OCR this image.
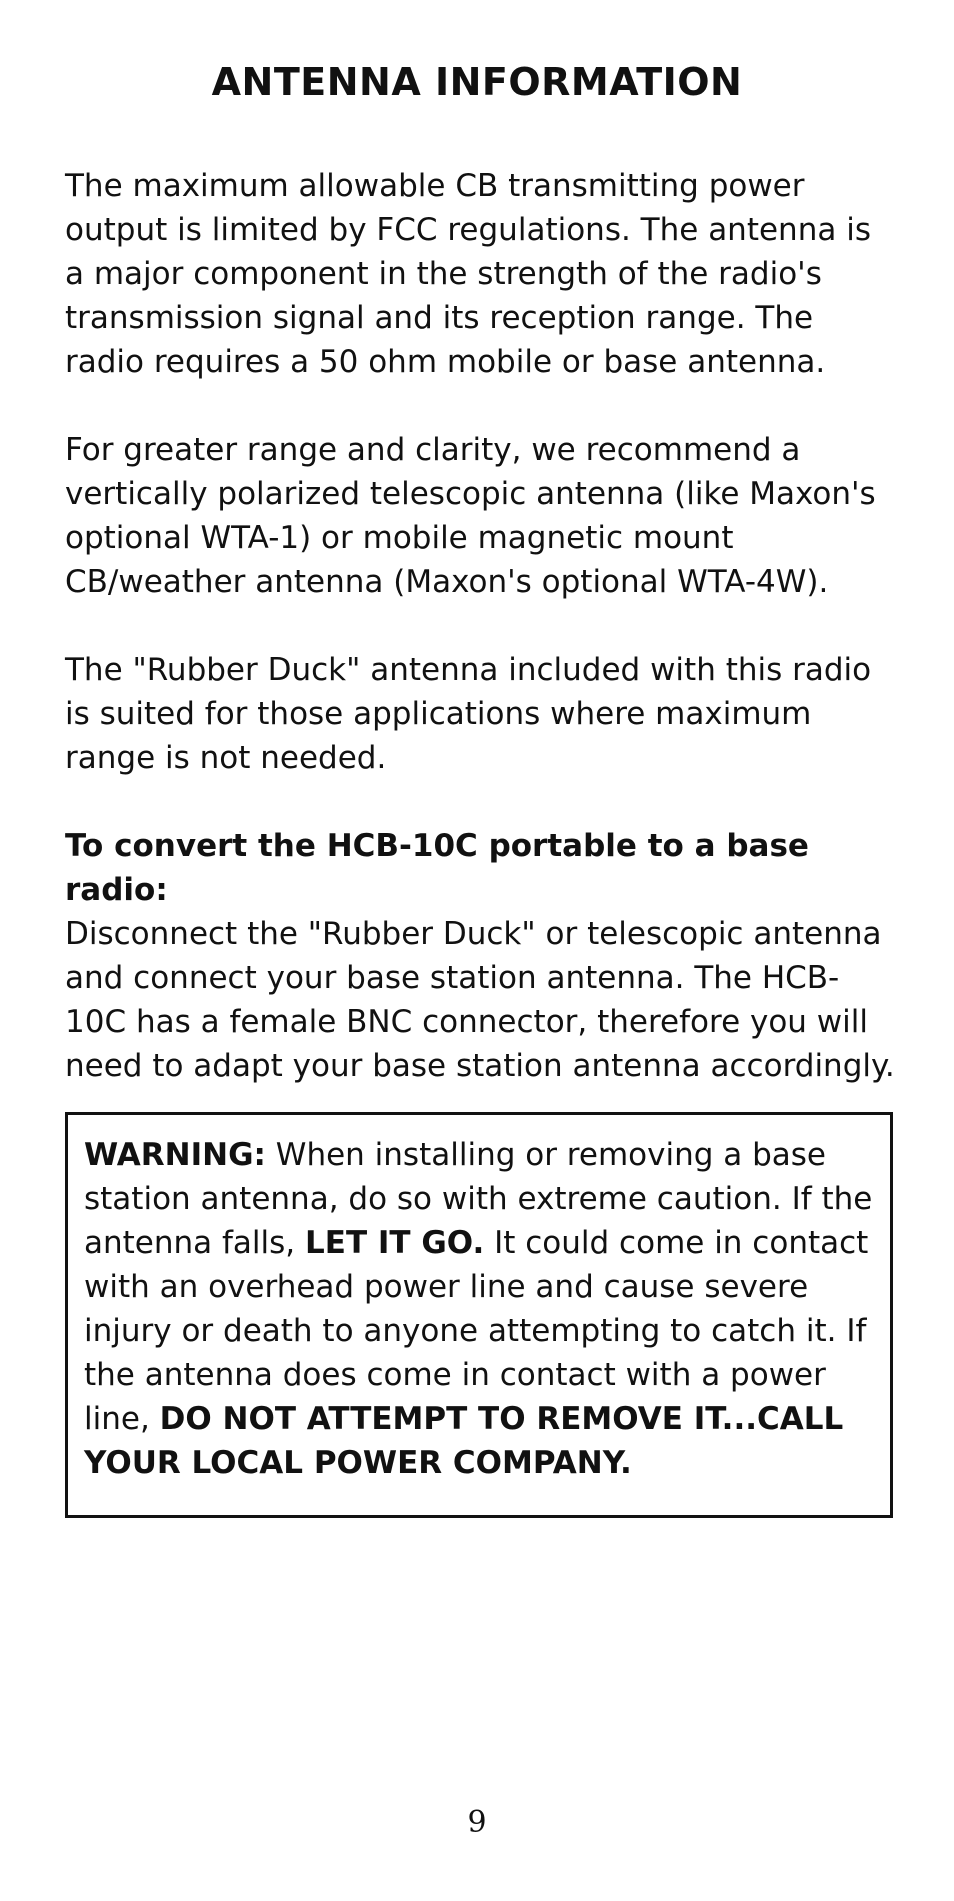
ANTENNA INFORMATION

The maximum allowable CB transmitting power output is limited by FCC regulations. The antenna is a major component in the strength of the radio's transmission signal and its reception range. The radio requires a 50 ohm mobile or base antenna.

For greater range and clarity, we recommend a vertically polarized telescopic antenna (like Maxon's optional WTA-1) or mobile magnetic mount CB/weather antenna (Maxon's optional WTA-4W).

The "Rubber Duck" antenna included with this radio is suited for those applications where maximum range is not needed.

To convert the HCB-10C portable to a base radio:
Disconnect the "Rubber Duck" or telescopic antenna and connect your base station antenna. The HCB-10C has a female BNC connector, therefore you will need to adapt your base station antenna accordingly.
WARNING: When installing or removing a base station antenna, do so with extreme caution. If the antenna falls, LET IT GO. It could come in contact with an overhead power line and cause severe injury or death to anyone attempting to catch it. If the antenna does come in contact with a power line, DO NOT ATTEMPT TO REMOVE IT...CALL YOUR LOCAL POWER COMPANY.

9
